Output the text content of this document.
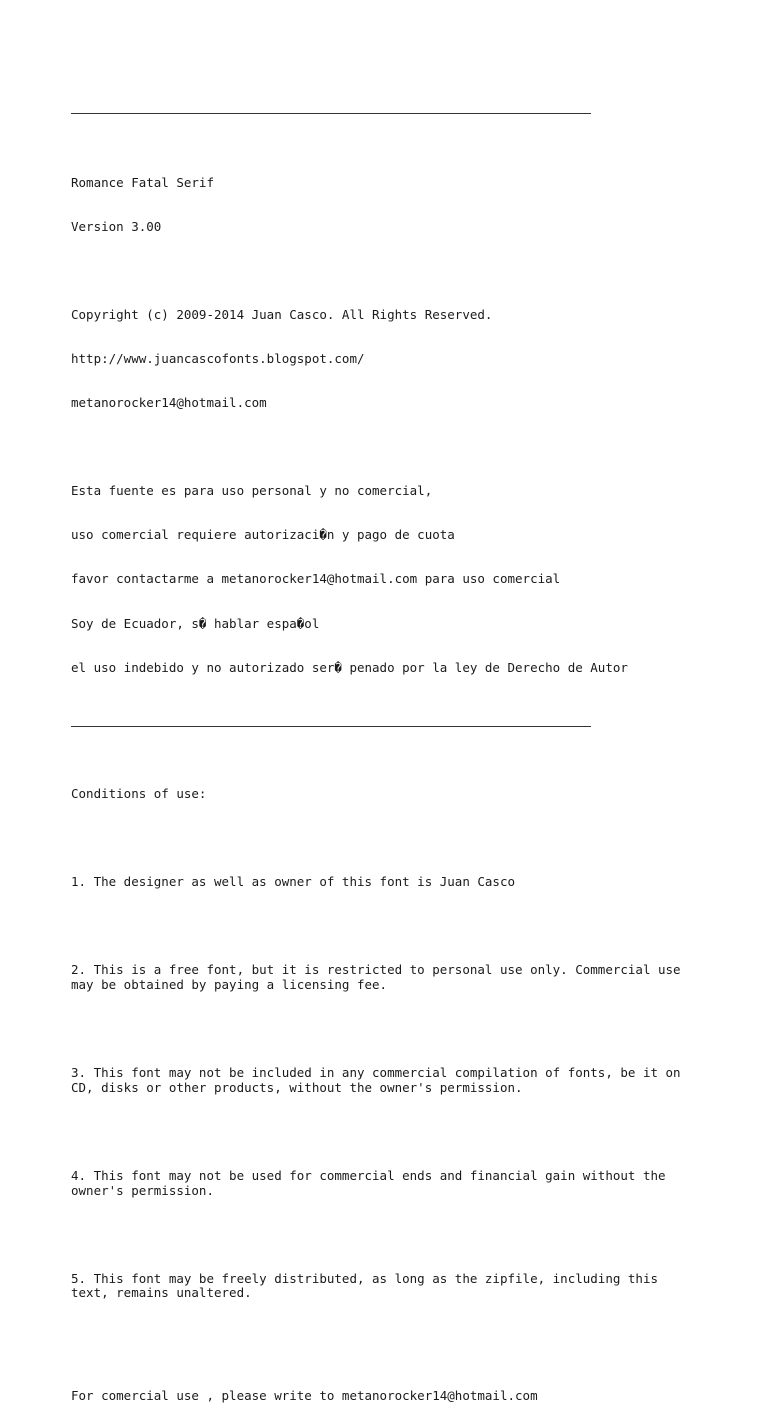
Romance Fatal Serif

Version 3.00

Copyright (c) 2009-2014 Juan Casco. All Rights Reserved.

http://www.juancascofonts.blogspot.com/

metanorocker14@hotmail.com

Esta fuente es para uso personal y no comercial,

uso comercial requiere autorizaci�n y pago de cuota

favor contactarme a metanorocker14@hotmail.com para uso comercial

Soy de Ecuador, s� hablar espa�ol

el uso indebido y no autorizado ser� penado por la ley de Derecho de Autor

Conditions of use:

1. The designer as well as owner of this font is Juan Casco

2. This is a free font, but it is restricted to personal use only. Commercial use
may be obtained by paying a licensing fee.

3. This font may not be included in any commercial compilation of fonts, be it on
CD, disks or other products, without the owner's permission.

4. This font may not be used for commercial ends and financial gain without the
owner's permission.

5. This font may be freely distributed, as long as the zipfile, including this
text, remains unaltered.

For comercial use , please write to metanorocker14@hotmail.com
